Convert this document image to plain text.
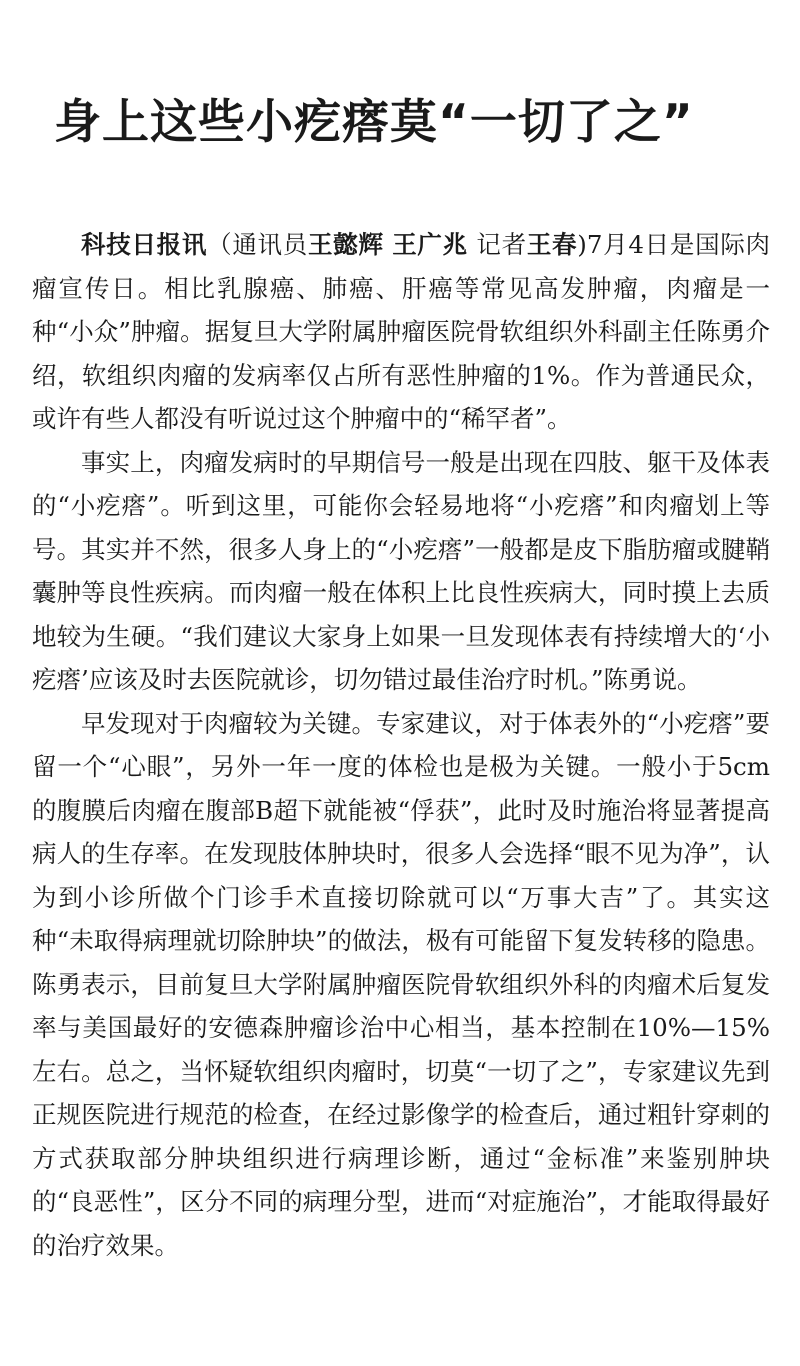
身上这些小疙瘩莫“一切了之”

科技日报讯（通讯员王懿辉 王广兆 记者王春)7月4日是国际肉瘤宣传日。相比乳腺癌、肺癌、肝癌等常见高发肿瘤，肉瘤是一种“小众”肿瘤。据复旦大学附属肿瘤医院骨软组织外科副主任陈勇介绍，软组织肉瘤的发病率仅占所有恶性肿瘤的1%。作为普通民众，或许有些人都没有听说过这个肿瘤中的“稀罕者”。

事实上，肉瘤发病时的早期信号一般是出现在四肢、躯干及体表的“小疙瘩”。听到这里，可能你会轻易地将“小疙瘩”和肉瘤划上等号。其实并不然，很多人身上的“小疙瘩”一般都是皮下脂肪瘤或腱鞘囊肿等良性疾病。而肉瘤一般在体积上比良性疾病大，同时摸上去质地较为生硬。“我们建议大家身上如果一旦发现体表有持续增大的‘小疙瘩’应该及时去医院就诊，切勿错过最佳治疗时机。”陈勇说。

早发现对于肉瘤较为关键。专家建议，对于体表外的“小疙瘩”要留一个“心眼”，另外一年一度的体检也是极为关键。一般小于5cm的腹膜后肉瘤在腹部B超下就能被“俘获”，此时及时施治将显著提高病人的生存率。在发现肢体肿块时，很多人会选择“眼不见为净”，认为到小诊所做个门诊手术直接切除就可以“万事大吉”了。其实这种“未取得病理就切除肿块”的做法，极有可能留下复发转移的隐患。陈勇表示，目前复旦大学附属肿瘤医院骨软组织外科的肉瘤术后复发率与美国最好的安德森肿瘤诊治中心相当，基本控制在10%—15%左右。总之，当怀疑软组织肉瘤时，切莫“一切了之”，专家建议先到正规医院进行规范的检查，在经过影像学的检查后，通过粗针穿刺的方式获取部分肿块组织进行病理诊断，通过“金标准”来鉴别肿块的“良恶性”，区分不同的病理分型，进而“对症施治”，才能取得最好的治疗效果。
